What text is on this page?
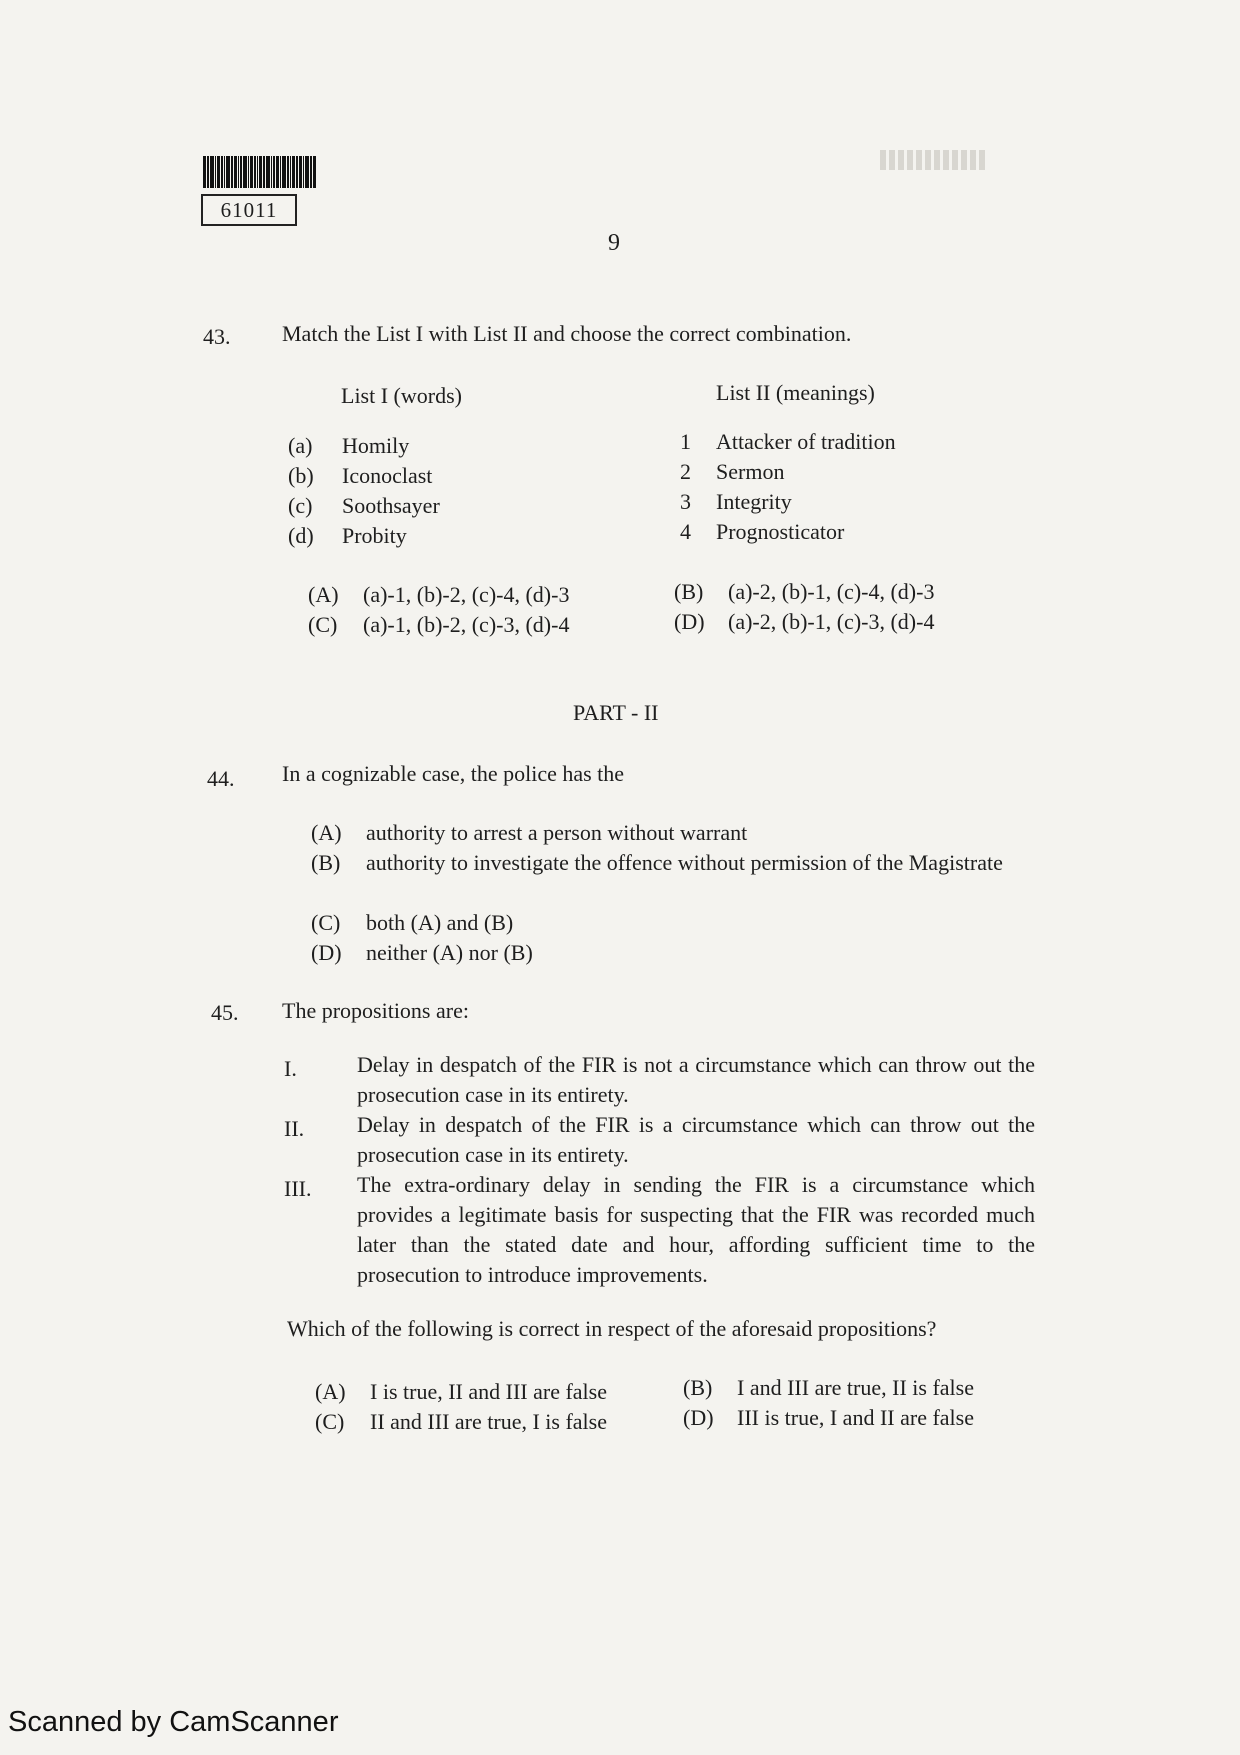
61011
9
43. Match the List I with List II and choose the correct combination.
List I (words)	List II (meanings)
(a) Homily
(b) Iconoclast
(c) Soothsayer
(d) Probity
1 Attacker of tradition
2 Sermon
3 Integrity
4 Prognosticator
(A) (a)-1, (b)-2, (c)-4, (d)-3	(B) (a)-2, (b)-1, (c)-4, (d)-3
(C) (a)-1, (b)-2, (c)-3, (d)-4	(D) (a)-2, (b)-1, (c)-3, (d)-4
PART - II
44. In a cognizable case, the police has the
(A) authority to arrest a person without warrant
(B) authority to investigate the offence without permission of the Magistrate
(C) both (A) and (B)
(D) neither (A) nor (B)
45. The propositions are:
I.	Delay in despatch of the FIR is not a circumstance which can throw out the prosecution case in its entirety.
II. Delay in despatch of the FIR is a circumstance which can throw out the prosecution case in its entirety.
III. The extra-ordinary delay in sending the FIR is a circumstance which provides a legitimate basis for suspecting that the FIR was recorded much later than the stated date and hour, affording sufficient time to the prosecution to introduce improvements.
Which of the following is correct in respect of the aforesaid propositions?
(A) I is true, II and III are false	(B) I and III are true, II is false
(C) II and III are true, I is false	(D) III is true, I and II are false
Scanned by CamScanner
